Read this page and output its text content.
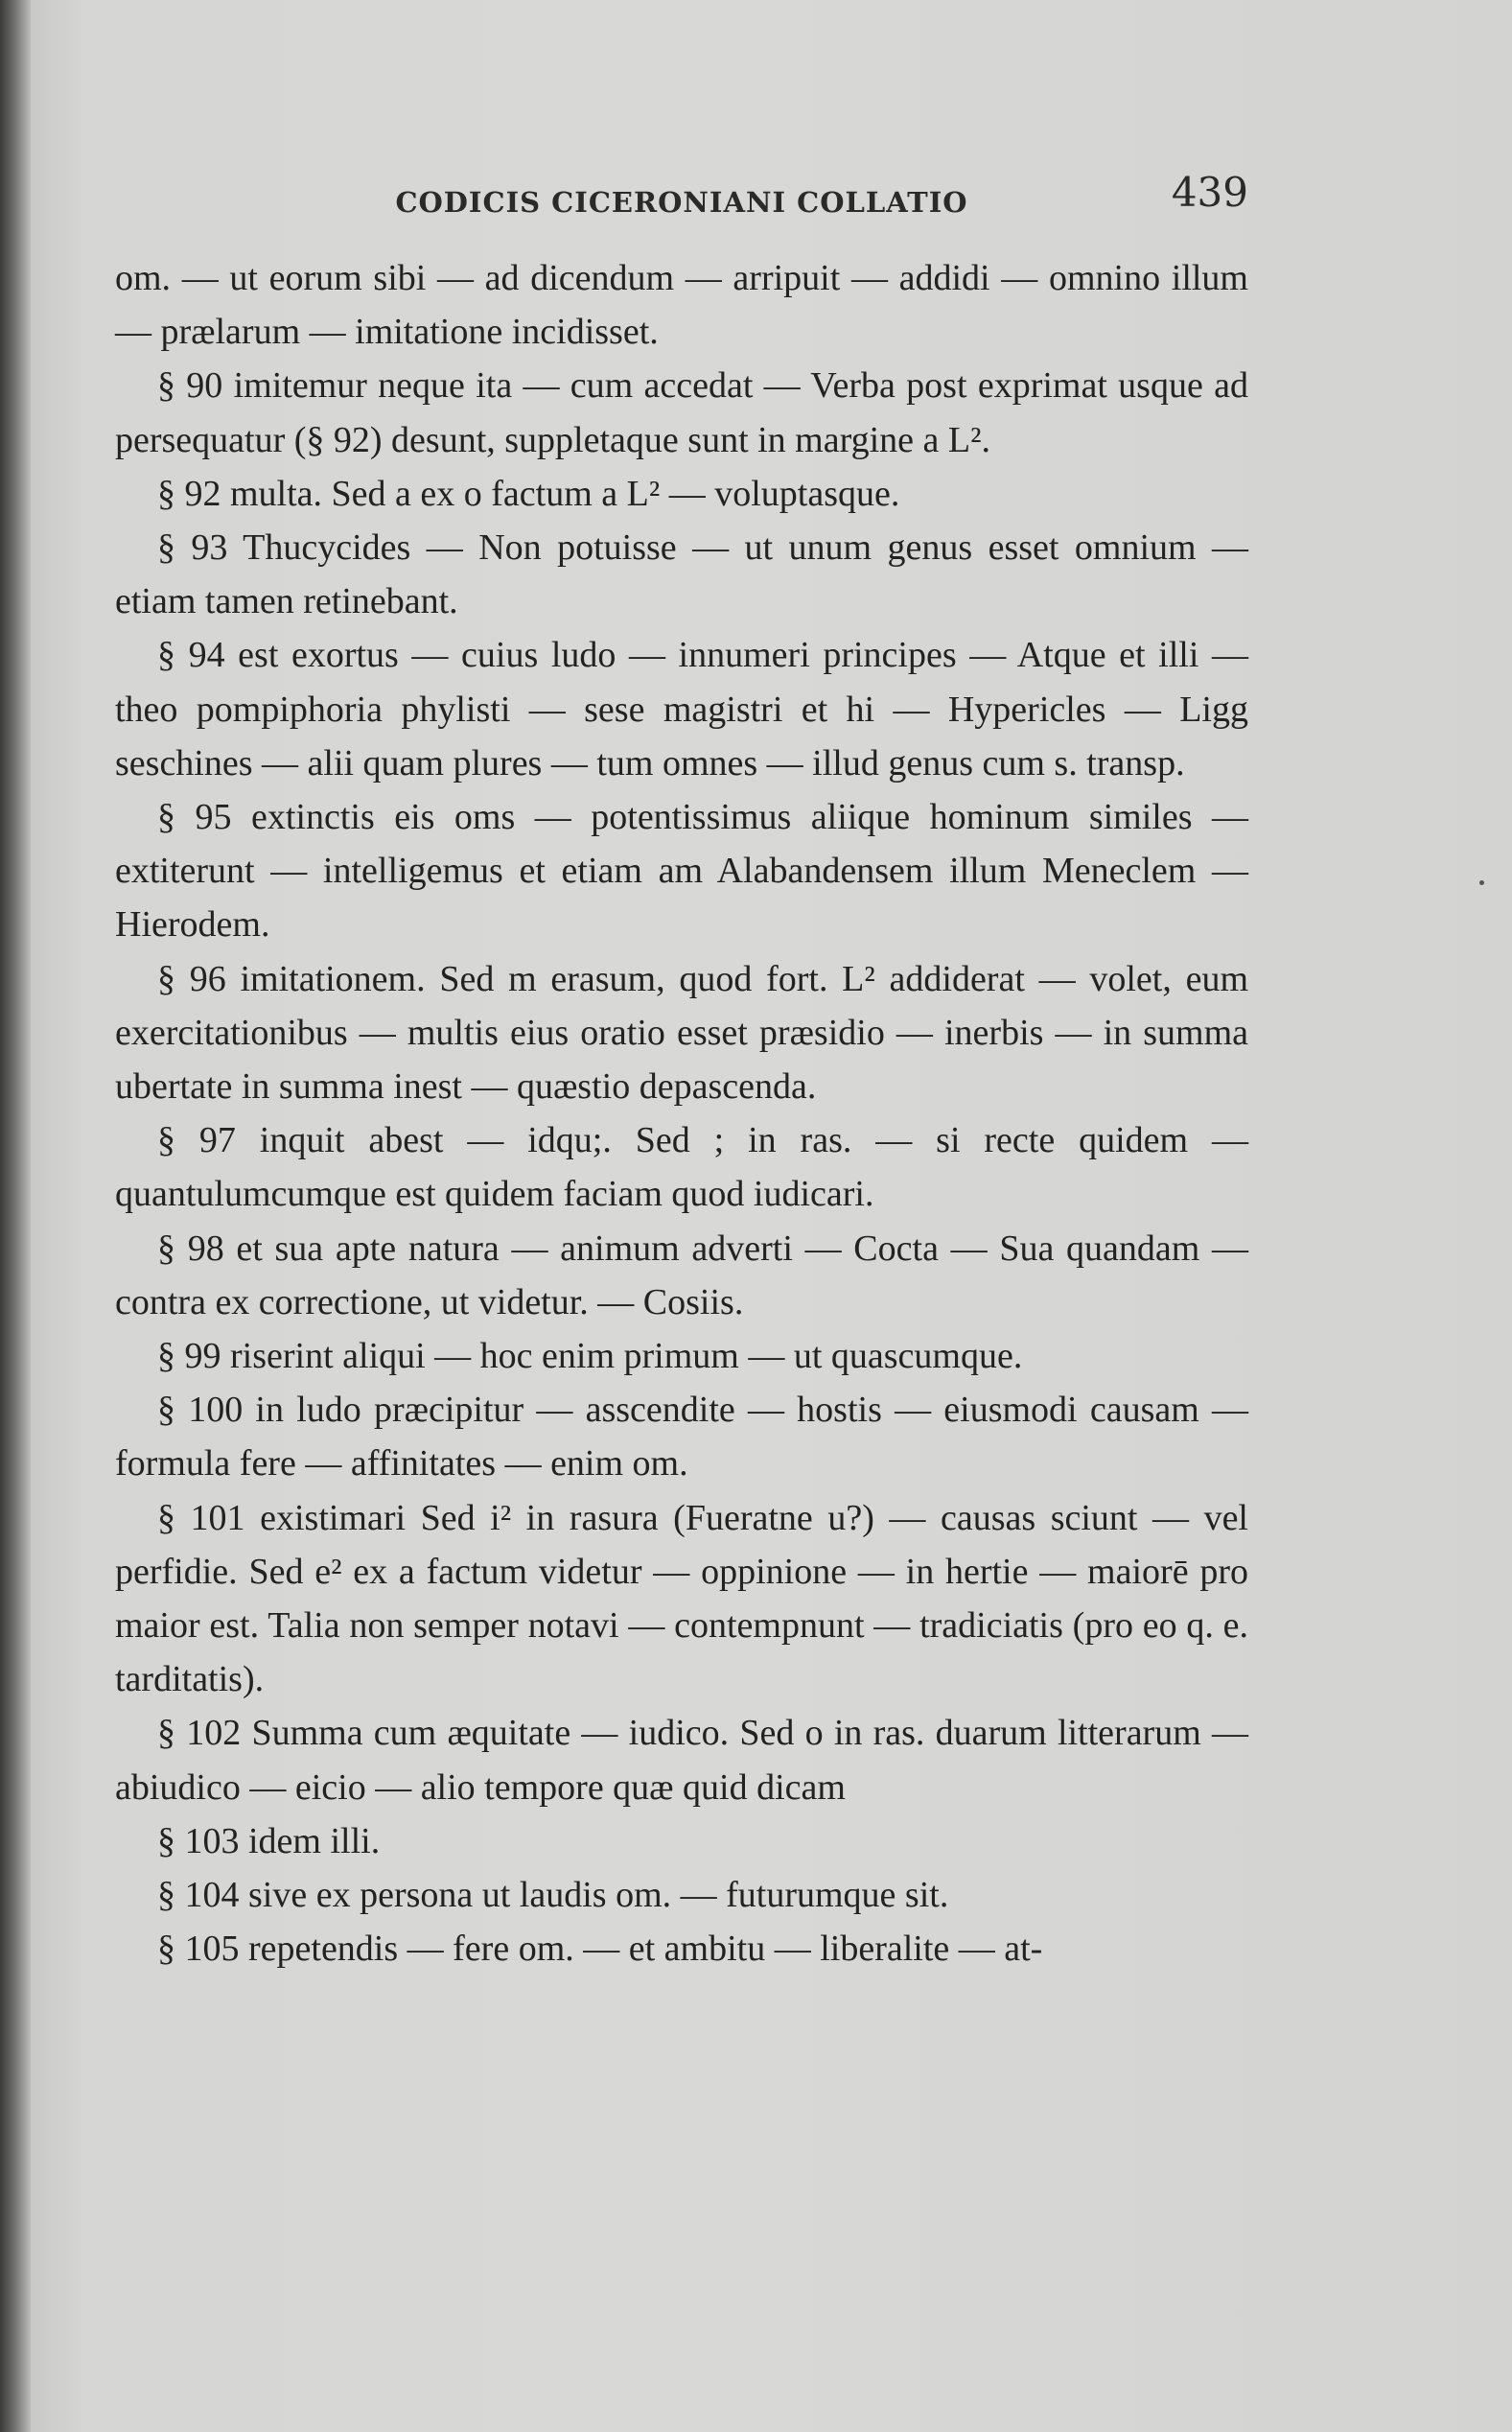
CODICIS CICERONIANI COLLATIO	439

om. — ut eorum sibi — ad dicendum — arripuit — addidi — omnino illum — prælarum — imitatione incidisset.

§ 90 imitemur neque ita — cum accedat — Verba post exprimat usque ad persequatur (§ 92) desunt, suppletaque sunt in margine a L².

§ 92 multa. Sed a ex o factum a L² — voluptasque.

§ 93 Thucycides — Non potuisse — ut unum genus esset omnium — etiam tamen retinebant.

§ 94 est exortus — cuius ludo — innumeri principes — Atque et illi — theo pompiphoria phylisti — sese magistri et hi — Hypericles — Ligg seschines — alii quam plures — tum omnes — illud genus cum s. transp.

§ 95 extinctis eis oms — potentissimus aliique hominum similes — extiterunt — intelligemus et etiam am Alabandensem illum Meneclem — Hierodem.

§ 96 imitationem. Sed m erasum, quod fort. L² addiderat — volet, eum exercitationibus — multis eius oratio esset præsidio — inerbis — in summa ubertate in summa inest — quæstio depascenda.

§ 97 inquit abest — idqu;. Sed ; in ras. — si recte quidem — quantulumcumque est quidem faciam quod iudicari.

§ 98 et sua apte natura — animum adverti — Cocta — Sua quandam — contra ex correctione, ut videtur. — Cosiis.

§ 99 riserint aliqui — hoc enim primum — ut quascumque.

§ 100 in ludo præcipitur — asscendite — hostis — eiusmodi causam — formula fere — affinitates — enim om.

§ 101 existimari Sed i² in rasura (Fueratne u?) — causas sciunt — vel perfidie. Sed e² ex a factum videtur — oppinione — in hertie — maiorē pro maior est. Talia non semper notavi — contempnunt — tradiciatis (pro eo q. e. tarditatis).

§ 102 Summa cum æquitate — iudico. Sed o in ras. duarum litterarum — abiudico — eicio — alio tempore quæ quid dicam

§ 103 idem illi.

§ 104 sive ex persona ut laudis om. — futurumque sit.

§ 105 repetendis — fere om. — et ambitu — liberalite — at-
